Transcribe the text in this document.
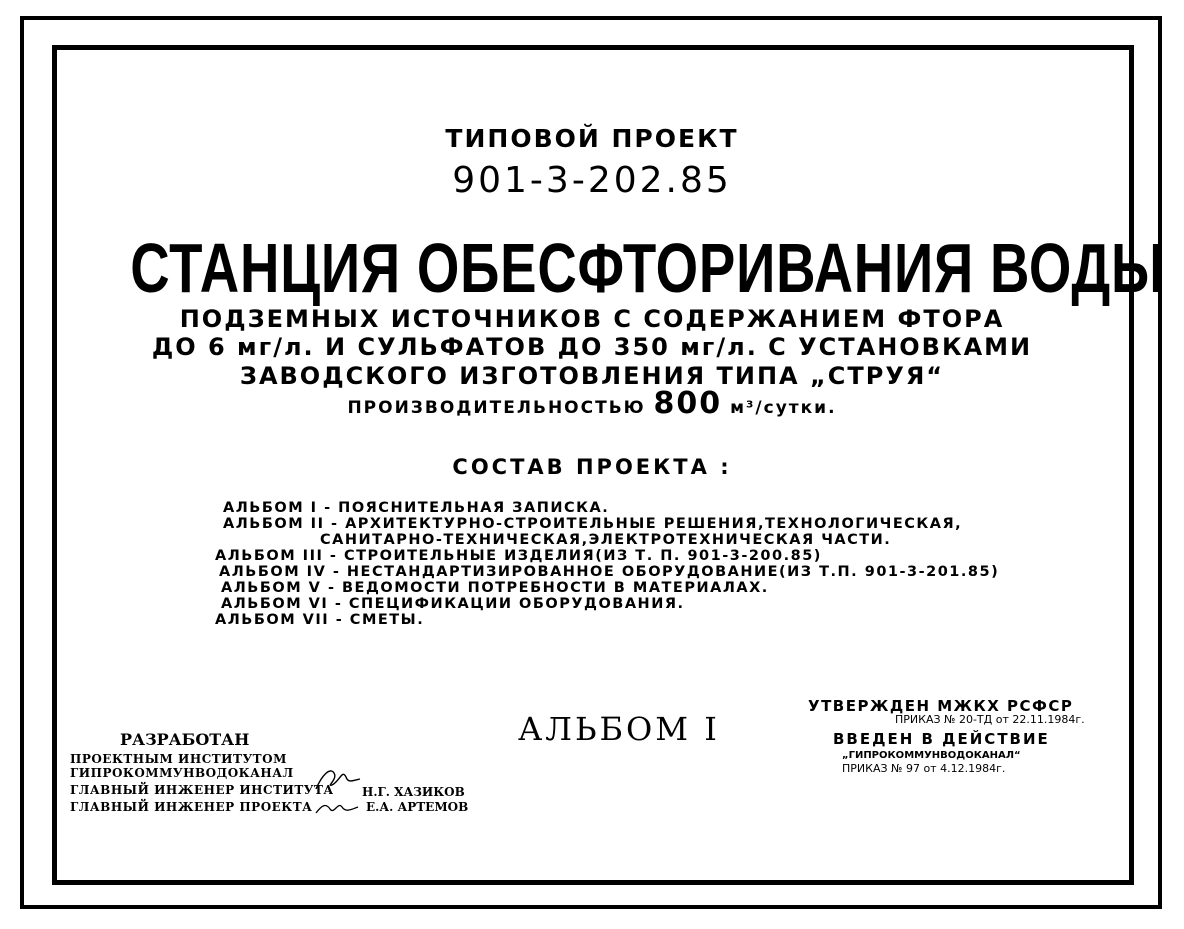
ТИПОВОЙ ПРОЕКТ
901-3-202.85
СТАНЦИЯ ОБЕСФТОРИВАНИЯ ВОДЫ
ПОДЗЕМНЫХ ИСТОЧНИКОВ С СОДЕРЖАНИЕМ ФТОРА
ДО 6 мг/л. И СУЛЬФАТОВ ДО 350 мг/л. С УСТАНОВКАМИ
ЗАВОДСКОГО ИЗГОТОВЛЕНИЯ ТИПА „СТРУЯ“
ПРОИЗВОДИТЕЛЬНОСТЬЮ 800 м³/сутки.
СОСТАВ ПРОЕКТА :
АЛЬБОМ I - ПОЯСНИТЕЛЬНАЯ ЗАПИСКА.
АЛЬБОМ II - АРХИТЕКТУРНО-СТРОИТЕЛЬНЫЕ РЕШЕНИЯ,ТЕХНОЛОГИЧЕСКАЯ,
САНИТАРНО-ТЕХНИЧЕСКАЯ,ЭЛЕКТРОТЕХНИЧЕСКАЯ ЧАСТИ.
АЛЬБОМ III - СТРОИТЕЛЬНЫЕ ИЗДЕЛИЯ(ИЗ Т. П. 901-3-200.85)
АЛЬБОМ IV - НЕСТАНДАРТИЗИРОВАННОЕ ОБОРУДОВАНИЕ(ИЗ Т.П. 901-3-201.85)
АЛЬБОМ V - ВЕДОМОСТИ ПОТРЕБНОСТИ В МАТЕРИАЛАХ.
АЛЬБОМ VI - СПЕЦИФИКАЦИИ ОБОРУДОВАНИЯ.
АЛЬБОМ VII - СМЕТЫ.
АЛЬБОМ I
РАЗРАБОТАН
ПРОЕКТНЫМ ИНСТИТУТОМ
ГИПРОКОММУНВОДОКАНАЛ
ГЛАВНЫЙ ИНЖЕНЕР ИНСТИТУТА
ГЛАВНЫЙ ИНЖЕНЕР ПРОЕКТА
Н.Г. ХАЗИКОВ
Е.А. АРТЕМОВ
УТВЕРЖДЕН МЖКХ РСФСР
ПРИКАЗ № 20-ТД от 22.11.1984г.
ВВЕДЕН В ДЕЙСТВИЕ
„ГИПРОКОММУНВОДОКАНАЛ“
ПРИКАЗ № 97 от 4.12.1984г.
